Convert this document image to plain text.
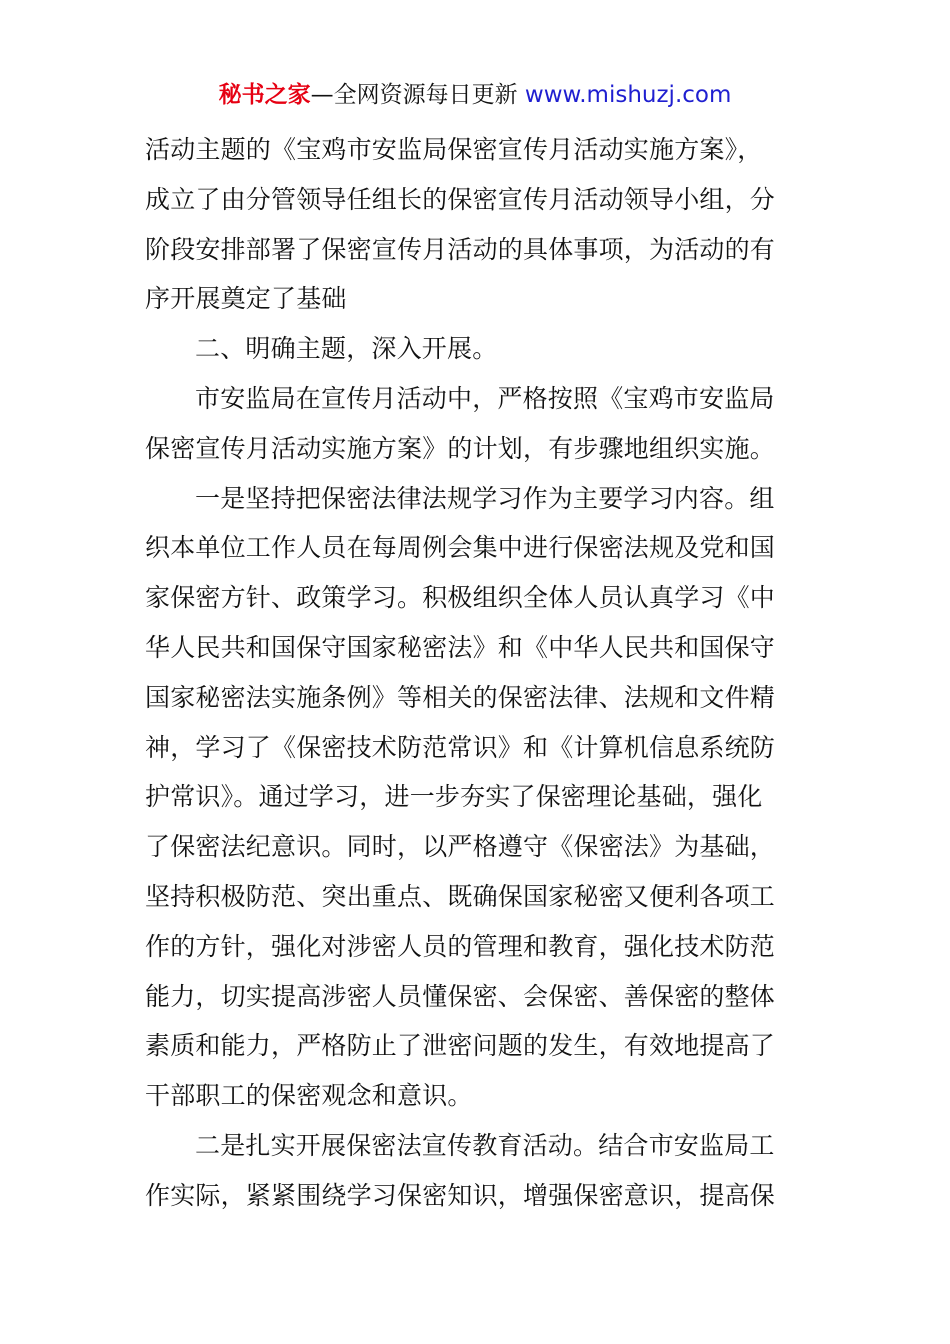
秘书之家—全网资源每日更新 www.mishuzj.com
活动主题的《宝鸡市安监局保密宣传月活动实施方案》，
成立了由分管领导任组长的保密宣传月活动领导小组，分
阶段安排部署了保密宣传月活动的具体事项，为活动的有
序开展奠定了基础
二、明确主题，深入开展。
市安监局在宣传月活动中，严格按照《宝鸡市安监局
保密宣传月活动实施方案》的计划，有步骤地组织实施。
一是坚持把保密法律法规学习作为主要学习内容。组
织本单位工作人员在每周例会集中进行保密法规及党和国
家保密方针、政策学习。积极组织全体人员认真学习《中
华人民共和国保守国家秘密法》和《中华人民共和国保守
国家秘密法实施条例》等相关的保密法律、法规和文件精
神，学习了《保密技术防范常识》和《计算机信息系统防
护常识》。通过学习，进一步夯实了保密理论基础，强化
了保密法纪意识。同时，以严格遵守《保密法》为基础，
坚持积极防范、突出重点、既确保国家秘密又便利各项工
作的方针，强化对涉密人员的管理和教育，强化技术防范
能力，切实提高涉密人员懂保密、会保密、善保密的整体
素质和能力，严格防止了泄密问题的发生，有效地提高了
干部职工的保密观念和意识。
二是扎实开展保密法宣传教育活动。结合市安监局工
作实际，紧紧围绕学习保密知识，增强保密意识，提高保
